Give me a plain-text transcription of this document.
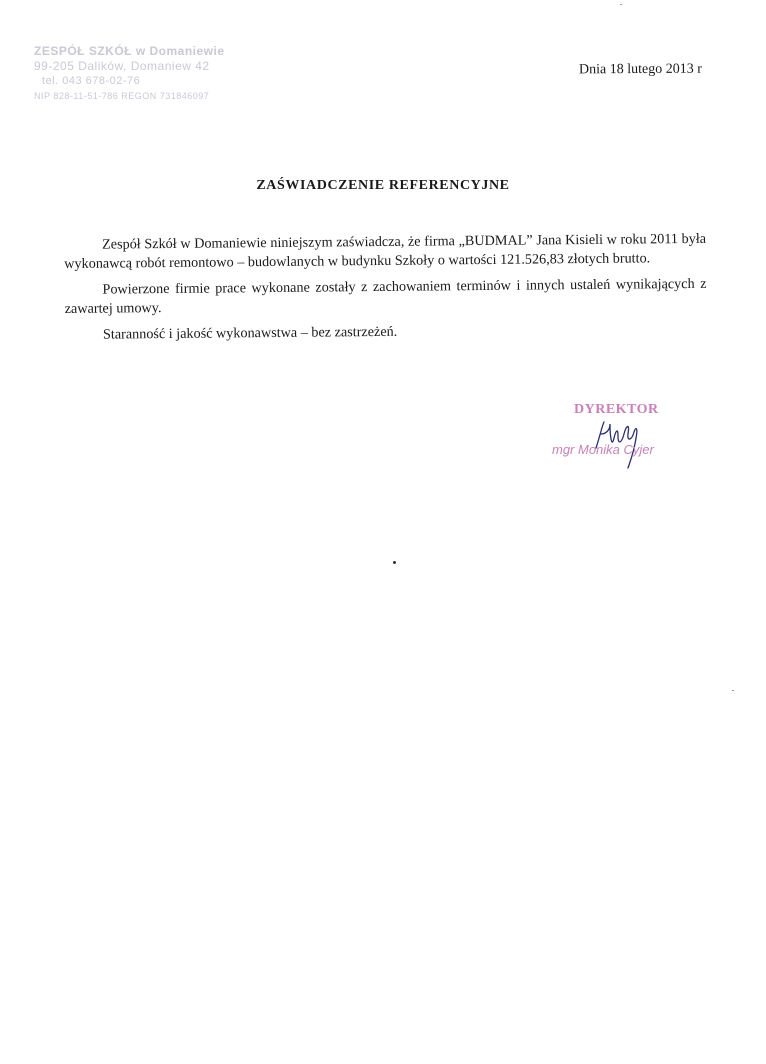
ZESPÓŁ SZKÓŁ w Domaniewie
99-205 Dalików, Domaniew 42
tel. 043 678-02-76
NIP 828-11-51-786 REGON 731846097
Dnia 18 lutego 2013 r
ZAŚWIADCZENIE REFERENCYJNE

Zespół Szkół w Domaniewie niniejszym zaświadcza, że firma „BUDMAL” Jana Kisieli w roku 2011 była wykonawcą robót remontowo – budowlanych w budynku Szkoły o wartości 121.526,83 złotych brutto.

Powierzone firmie prace wykonane zostały z zachowaniem terminów i innych ustaleń wynikających z zawartej umowy.

Staranność i jakość wykonawstwa – bez zastrzeżeń.

DYREKTOR
mgr Monika Cyjer
